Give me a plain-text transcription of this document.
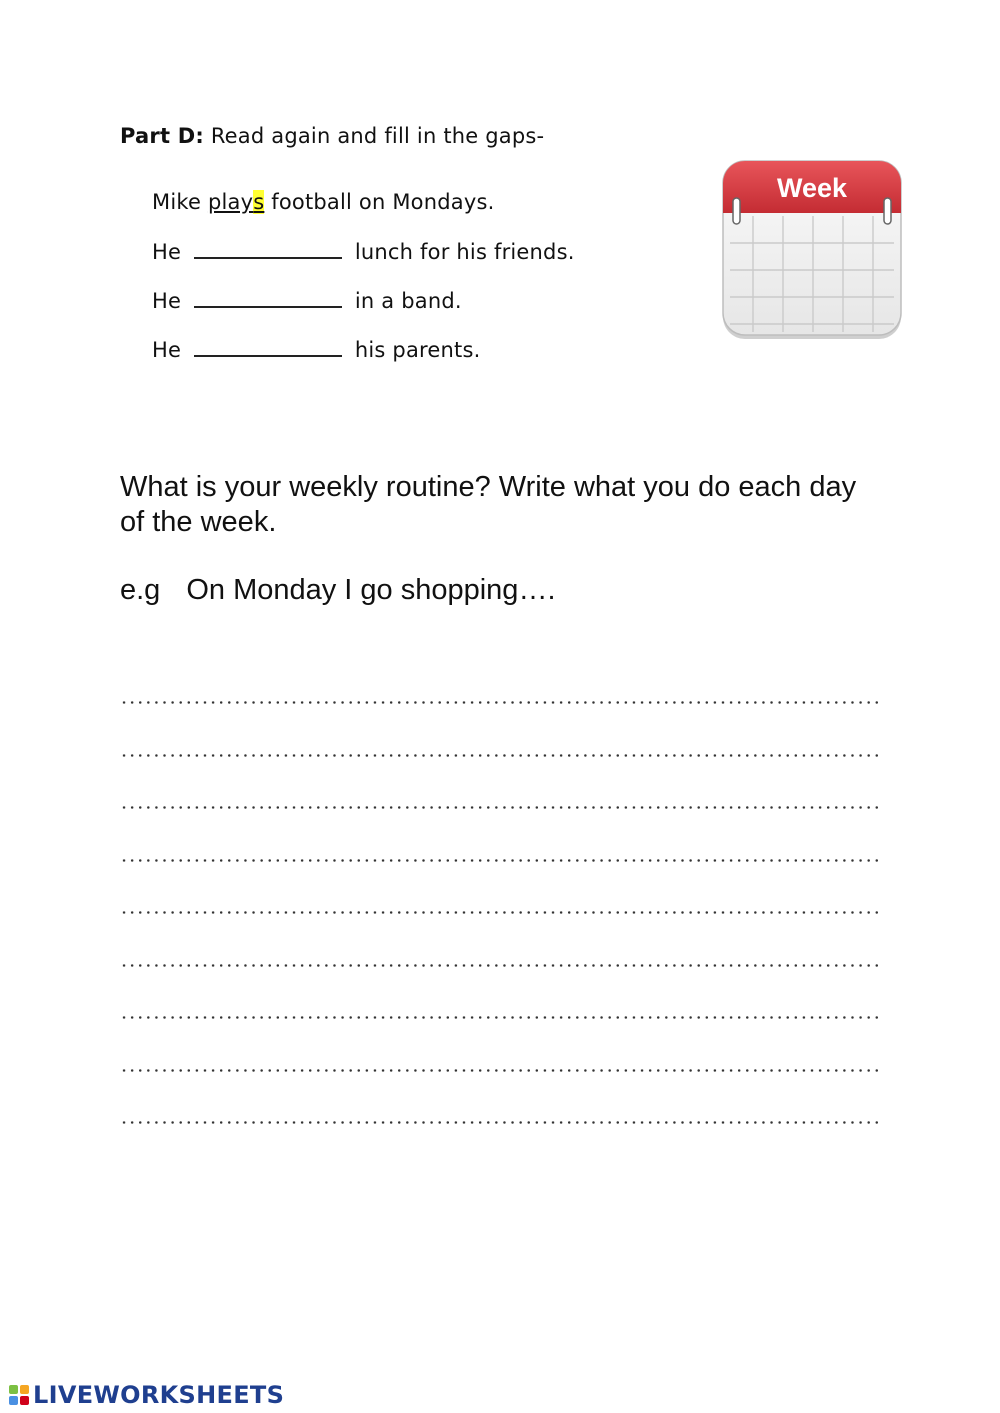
Part D: Read again and fill in the gaps-
Mike plays football on Mondays.
He	lunch for his friends.
He	in a band.
He	his parents.
Week
What is your weekly routine? Write what you do each day of the week.
e.g On Monday I go shopping….
LIVEWORKSHEETS
